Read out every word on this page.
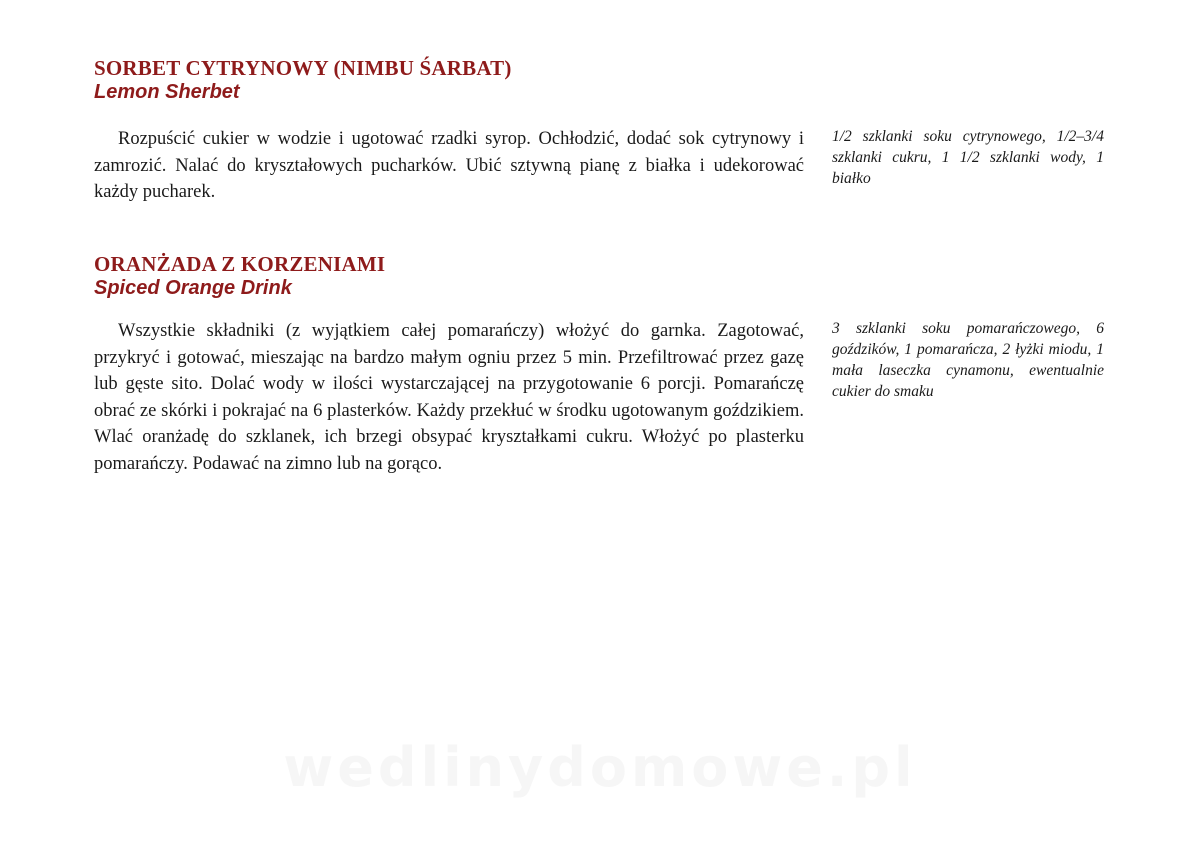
SORBET CYTRYNOWY (NIMBU ŚARBAT)
Lemon Sherbet

Rozpuścić cukier w wodzie i ugotować rzadki syrop. Ochłodzić, dodać sok cytrynowy i zamrozić. Nalać do kryształowych pucharków. Ubić sztywną pianę z białka i udekorować każdy pucharek.

1/2 szklanki soku cytrynowego, 1/2–3/4 szklanki cukru, 1 1/2 szklanki wody, 1 białko

ORANŻADA Z KORZENIAMI
Spiced Orange Drink

Wszystkie składniki (z wyjątkiem całej pomarańczy) włożyć do garnka. Zagotować, przykryć i gotować, mieszając na bardzo małym ogniu przez 5 min. Przefiltrować przez gazę lub gęste sito. Dolać wody w ilości wystarczającej na przygotowanie 6 porcji. Pomarańczę obrać ze skórki i pokrajać na 6 plasterków. Każdy przekłuć w środku ugotowanym goździkiem. Wlać oranżadę do szklanek, ich brzegi obsypać kryształkami cukru. Włożyć po plasterku pomarańczy. Podawać na zimno lub na gorąco.

3 szklanki soku pomarańczowego, 6 goździków, 1 pomarańcza, 2 łyżki miodu, 1 mała laseczka cynamonu, ewentualnie cukier do smaku

wedlinydomowe.pl
